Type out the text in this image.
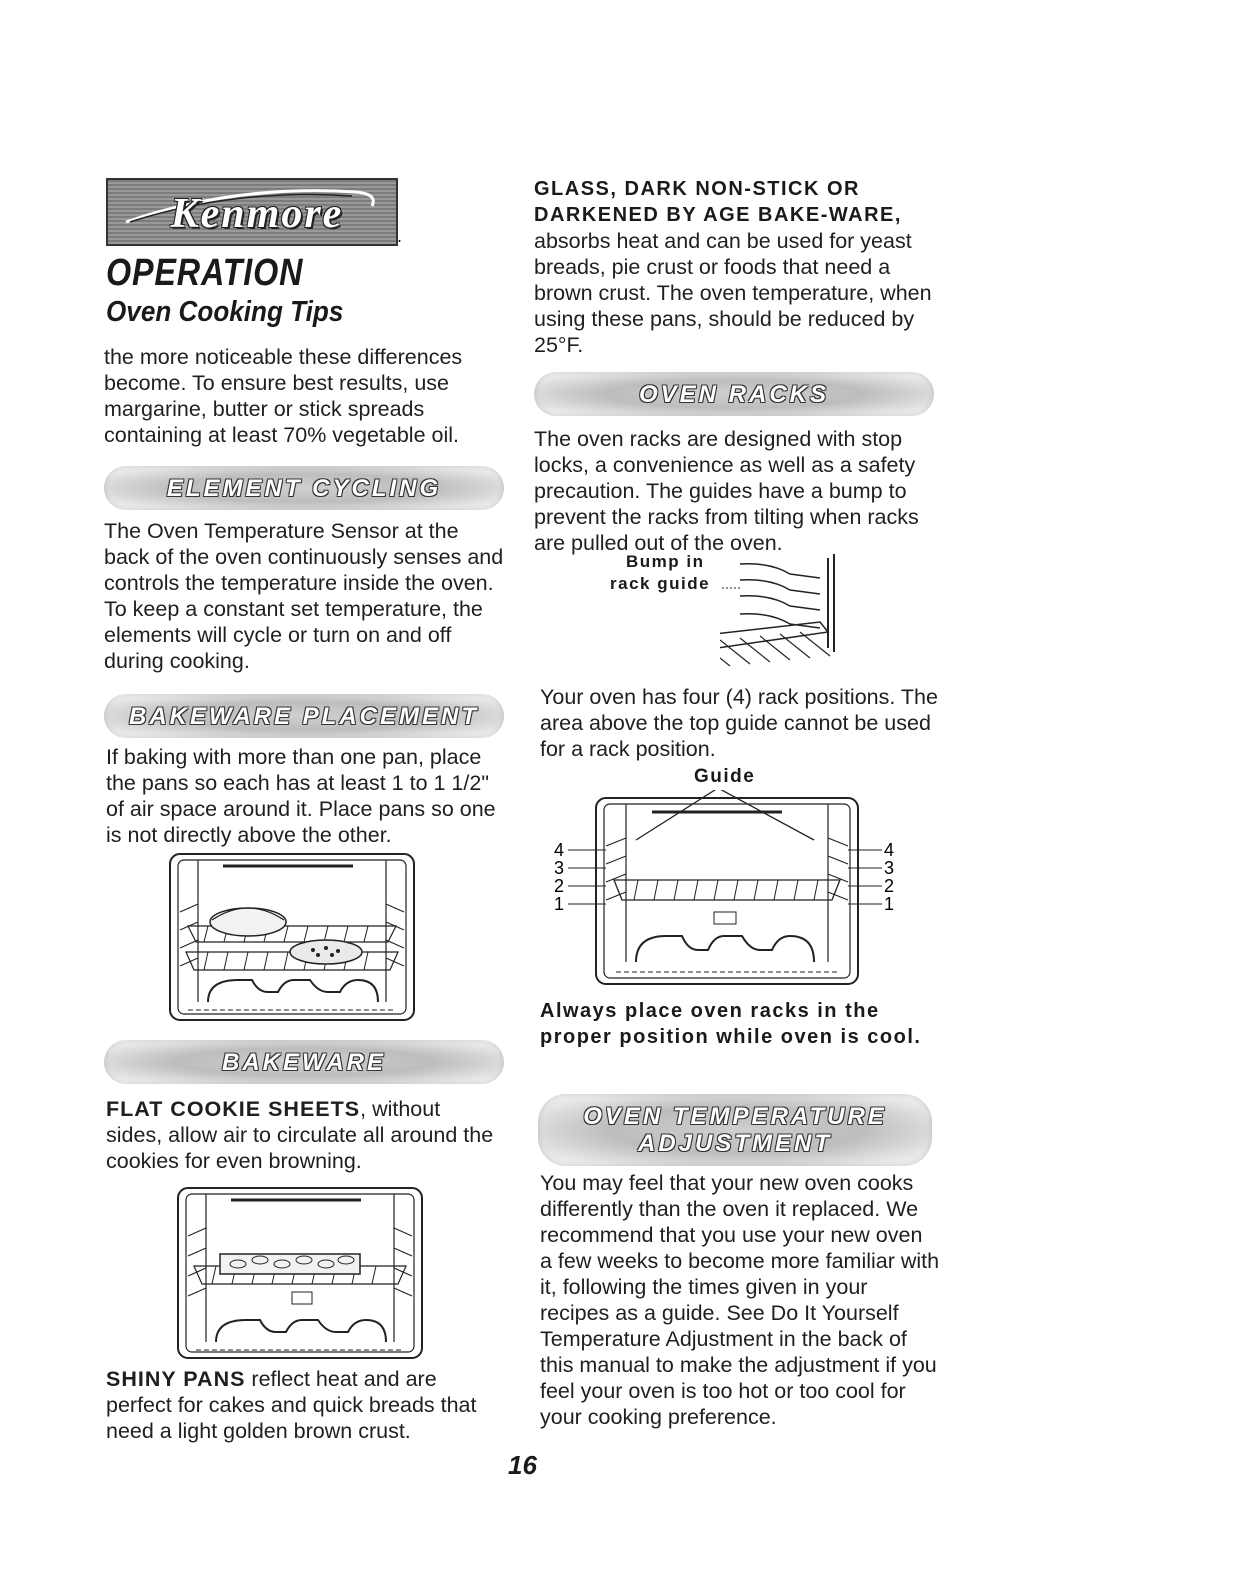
Kenmore	.
OPERATION
Oven Cooking Tips
the more noticeable these differences become. To ensure best results, use margarine, butter or stick spreads containing at least 70% vegetable oil.
ELEMENT CYCLING
The Oven Temperature Sensor at the back of the oven continuously senses and controls the temperature inside the oven. To keep a constant set temperature, the elements will cycle or turn on and off during cooking.
BAKEWARE PLACEMENT
If baking with more than one pan, place the pans so each has at least 1 to 1 1/2" of air space around it. Place pans so one is not directly above the other.
BAKEWARE
FLAT COOKIE SHEETS, without sides, allow air to circulate all around the cookies for even browning.
SHINY PANS reflect heat and are perfect for cakes and quick breads that need a light golden brown crust.
GLASS, DARK NON-STICK OR DARKENED BY AGE BAKE-WARE,
absorbs heat and can be used for yeast breads, pie crust or foods that need a brown crust. The oven temperature, when using these pans, should be reduced by 25°F.
OVEN RACKS
The oven racks are designed with stop locks, a convenience as well as a safety precaution. The guides have a bump to prevent the racks from tilting when racks are pulled out of the oven.
Bump in
rack guide
Your oven has four (4) rack positions. The area above the top guide cannot be used for a rack position.
Guide
4
3
2
1
4
3
2
1
Always place oven racks in the proper position while oven is cool.
OVEN TEMPERATURE
ADJUSTMENT
You may feel that your new oven cooks differently than the oven it replaced. We recommend that you use your new oven a few weeks to become more familiar with it, following the times given in your recipes as a guide. See Do It Yourself Temperature Adjustment in the back of this manual to make the adjustment if you feel your oven is too hot or too cool for your cooking preference.
16
